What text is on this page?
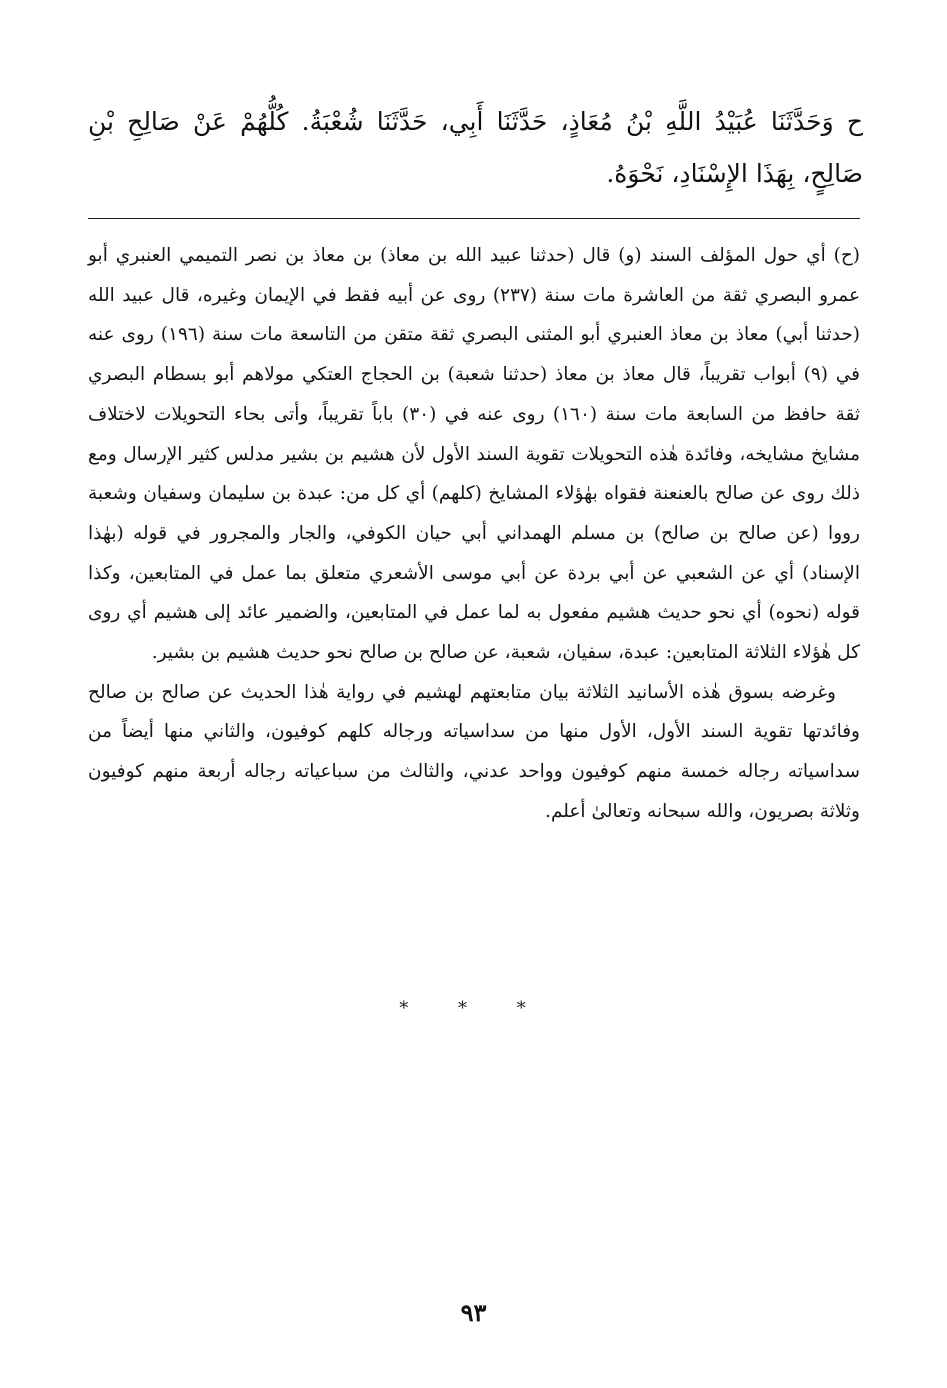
ح وَحَدَّثَنَا عُبَيْدُ اللَّهِ بْنُ مُعَاذٍ، حَدَّثَنَا أَبِي، حَدَّثَنَا شُعْبَةُ. كُلُّهُمْ عَنْ صَالِحِ بْنِ صَالِحٍ، بِهَذَا الإِسْنَادِ، نَحْوَهُ.

(ح) أي حول المؤلف السند (و) قال (حدثنا عبيد الله بن معاذ) بن معاذ بن نصر التميمي العنبري أبو عمرو البصري ثقة من العاشرة مات سنة (٢٣٧) روى عن أبيه فقط في الإيمان وغيره، قال عبيد الله (حدثنا أبي) معاذ بن معاذ العنبري أبو المثنى البصري ثقة متقن من التاسعة مات سنة (١٩٦) روى عنه في (٩) أبواب تقريباً، قال معاذ بن معاذ (حدثنا شعبة) بن الحجاج العتكي مولاهم أبو بسطام البصري ثقة حافظ من السابعة مات سنة (١٦٠) روى عنه في (٣٠) باباً تقريباً، وأتى بحاء التحويلات لاختلاف مشايخ مشايخه، وفائدة هٰذه التحويلات تقوية السند الأول لأن هشيم بن بشير مدلس كثير الإرسال ومع ذلك روى عن صالح بالعنعنة فقواه بهٰؤلاء المشايخ (كلهم) أي كل من: عبدة بن سليمان وسفيان وشعبة رووا (عن صالح بن صالح) بن مسلم الهمداني أبي حيان الكوفي، والجار والمجرور في قوله (بهٰذا الإسناد) أي عن الشعبي عن أبي بردة عن أبي موسى الأشعري متعلق بما عمل في المتابعين، وكذا قوله (نحوه) أي نحو حديث هشيم مفعول به لما عمل في المتابعين، والضمير عائد إلى هشيم أي روى كل هٰؤلاء الثلاثة المتابعين: عبدة، سفيان، شعبة، عن صالح بن صالح نحو حديث هشيم بن بشير.

وغرضه بسوق هٰذه الأسانيد الثلاثة بيان متابعتهم لهشيم في رواية هٰذا الحديث عن صالح بن صالح وفائدتها تقوية السند الأول، الأول منها من سداسياته ورجاله كلهم كوفيون، والثاني منها أيضاً من سداسياته رجاله خمسة منهم كوفيون وواحد عدني، والثالث من سباعياته رجاله أربعة منهم كوفيون وثلاثة بصريون، والله سبحانه وتعالىٰ أعلم.

* * *
٩٣
